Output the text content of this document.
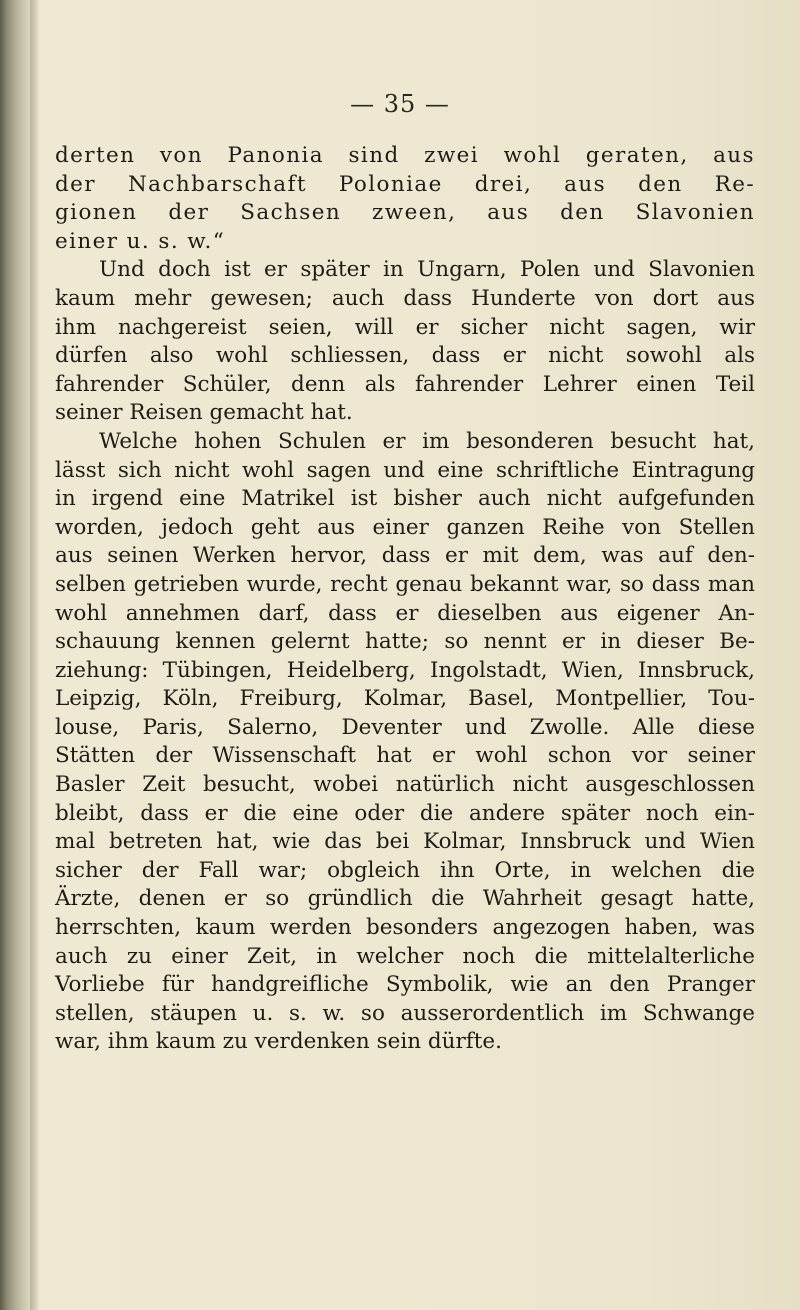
— 35 —
derten von Panonia sind zwei wohl geraten, aus
der Nachbarschaft Poloniae drei, aus den Re-
gionen der Sachsen zween, aus den Slavonien
einer u. s. w.“
Und doch ist er später in Ungarn, Polen und Slavonien
kaum mehr gewesen; auch dass Hunderte von dort aus
ihm nachgereist seien, will er sicher nicht sagen, wir
dürfen also wohl schliessen, dass er nicht sowohl als
fahrender Schüler, denn als fahrender Lehrer einen Teil
seiner Reisen gemacht hat.
Welche hohen Schulen er im besonderen besucht hat,
lässt sich nicht wohl sagen und eine schriftliche Eintragung
in irgend eine Matrikel ist bisher auch nicht aufgefunden
worden, jedoch geht aus einer ganzen Reihe von Stellen
aus seinen Werken hervor, dass er mit dem, was auf den-
selben getrieben wurde, recht genau bekannt war, so dass man
wohl annehmen darf, dass er dieselben aus eigener An-
schauung kennen gelernt hatte; so nennt er in dieser Be-
ziehung: Tübingen, Heidelberg, Ingolstadt, Wien, Innsbruck,
Leipzig, Köln, Freiburg, Kolmar, Basel, Montpellier, Tou-
louse, Paris, Salerno, Deventer und Zwolle. Alle diese
Stätten der Wissenschaft hat er wohl schon vor seiner
Basler Zeit besucht, wobei natürlich nicht ausgeschlossen
bleibt, dass er die eine oder die andere später noch ein-
mal betreten hat, wie das bei Kolmar, Innsbruck und Wien
sicher der Fall war; obgleich ihn Orte, in welchen die
Ärzte, denen er so gründlich die Wahrheit gesagt hatte,
herrschten, kaum werden besonders angezogen haben, was
auch zu einer Zeit, in welcher noch die mittelalterliche
Vorliebe für handgreifliche Symbolik, wie an den Pranger
stellen, stäupen u. s. w. so ausserordentlich im Schwange
war, ihm kaum zu verdenken sein dürfte.
